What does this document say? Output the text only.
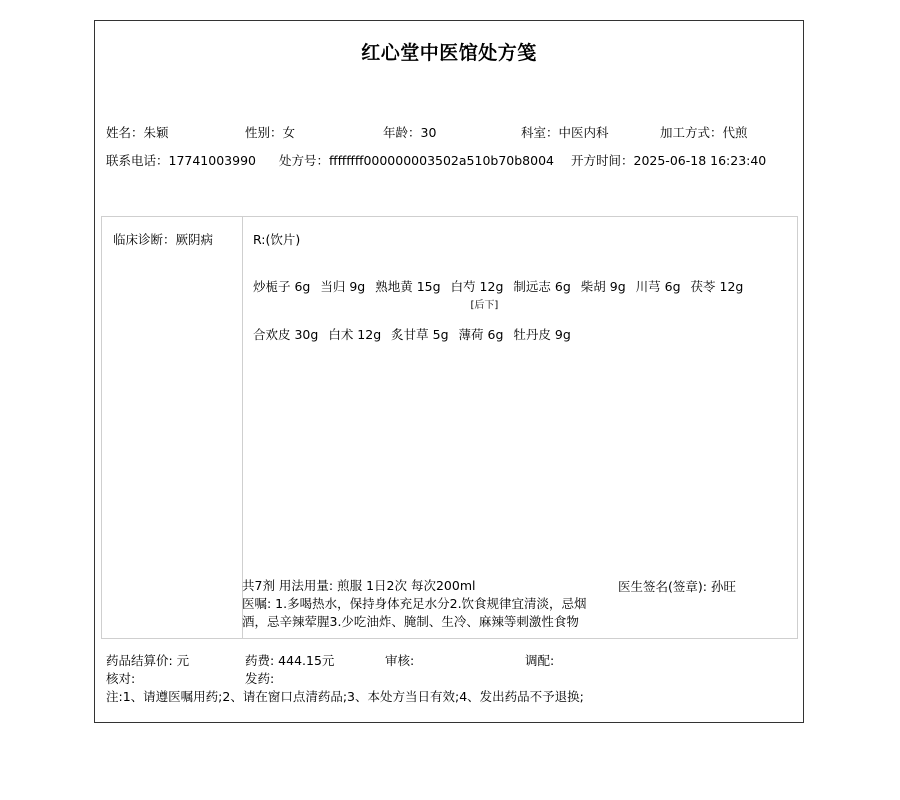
红心堂中医馆处方笺
姓名：朱颖	性别：女	年龄：30	科室：中医内科	加工方式：代煎
联系电话：17741003990 处方号：ffffffff000000003502a510b70b8004 开方时间：2025-06-18 16:23:40
临床诊断：厥阴病	R:(饮片)
炒栀子 6g 当归 9g 熟地黄 15g 白芍 12g 制远志 6g 柴胡 9g 川芎 6g 茯苓 12g
[后下]
合欢皮 30g 白术 12g 炙甘草 5g 薄荷 6g 牡丹皮 9g
共7剂 用法用量: 煎服 1日2次 每次200ml
医嘱: 1.多喝热水，保持身体充足水分2.饮食规律宜清淡，忌烟酒，忌辛辣荤腥3.少吃油炸、腌制、生冷、麻辣等刺激性食物
医生签名(签章): 孙旺
药品结算价: 元	药费: 444.15元	审核:	调配:
核对:	发药:
注:1、请遵医嘱用药;2、请在窗口点清药品;3、本处方当日有效;4、发出药品不予退换;
